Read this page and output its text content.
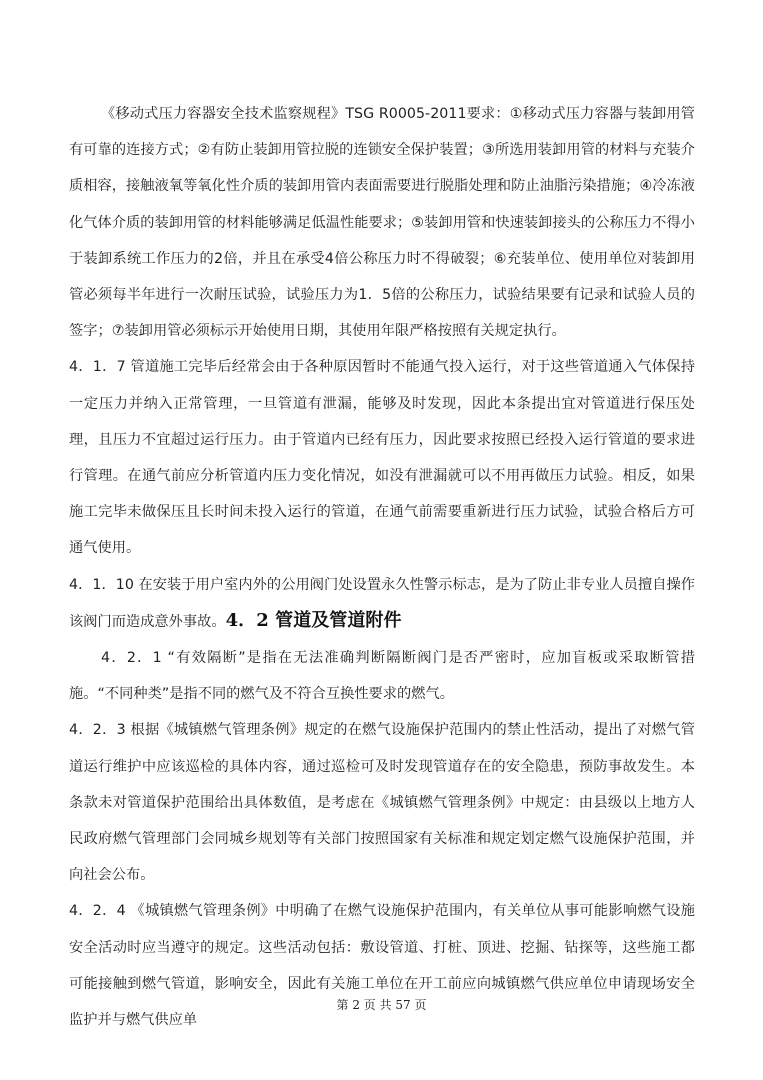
《移动式压力容器安全技术监察规程》TSG R0005-2011要求：①移动式压力容器与装卸用管有可靠的连接方式；②有防止装卸用管拉脱的连锁安全保护装置；③所选用装卸用管的材料与充装介质相容，接触液氧等氧化性介质的装卸用管内表面需要进行脱脂处理和防止油脂污染措施；④冷冻液化气体介质的装卸用管的材料能够满足低温性能要求；⑤装卸用管和快速装卸接头的公称压力不得小于装卸系统工作压力的2倍，并且在承受4倍公称压力时不得破裂；⑥充装单位、使用单位对装卸用管必须每半年进行一次耐压试验，试验压力为1．5倍的公称压力，试验结果要有记录和试验人员的签字；⑦装卸用管必须标示开始使用日期，其使用年限严格按照有关规定执行。

4．1．7 管道施工完毕后经常会由于各种原因暂时不能通气投入运行，对于这些管道通入气体保持一定压力并纳入正常管理，一旦管道有泄漏，能够及时发现，因此本条提出宜对管道进行保压处理，且压力不宜超过运行压力。由于管道内已经有压力，因此要求按照已经投入运行管道的要求进行管理。在通气前应分析管道内压力变化情况，如没有泄漏就可以不用再做压力试验。相反，如果施工完毕未做保压且长时间未投入运行的管道，在通气前需要重新进行压力试验，试验合格后方可通气使用。

4．1．10 在安装于用户室内外的公用阀门处设置永久性警示标志，是为了防止非专业人员擅自操作该阀门而造成意外事故。4．2 管道及管道附件

4．2．1 “有效隔断”是指在无法准确判断隔断阀门是否严密时，应加盲板或采取断管措施。“不同种类”是指不同的燃气及不符合互换性要求的燃气。

4．2．3 根据《城镇燃气管理条例》规定的在燃气设施保护范围内的禁止性活动，提出了对燃气管道运行维护中应该巡检的具体内容，通过巡检可及时发现管道存在的安全隐患，预防事故发生。本条款未对管道保护范围给出具体数值，是考虑在《城镇燃气管理条例》中规定：由县级以上地方人民政府燃气管理部门会同城乡规划等有关部门按照国家有关标准和规定划定燃气设施保护范围，并向社会公布。

4．2．4 《城镇燃气管理条例》中明确了在燃气设施保护范围内，有关单位从事可能影响燃气设施安全活动时应当遵守的规定。这些活动包括：敷设管道、打桩、顶进、挖掘、钻探等，这些施工都可能接触到燃气管道，影响安全，因此有关施工单位在开工前应向城镇燃气供应单位申请现场安全监护并与燃气供应单

第 2 页 共 57 页
